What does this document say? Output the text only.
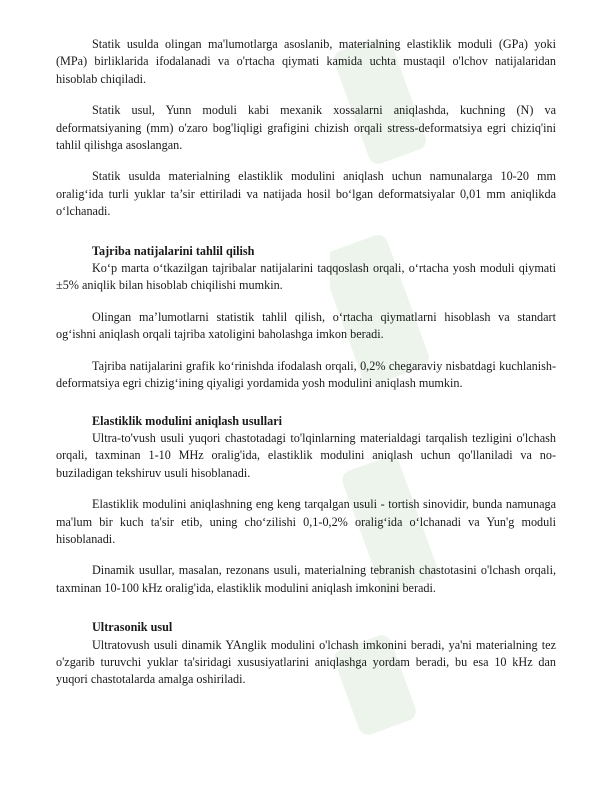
Statik usulda olingan ma'lumotlarga asoslanib, materialning elastiklik moduli (GPa) yoki (MPa) birliklarida ifodalanadi va o'rtacha qiymati kamida uchta mustaqil o'lchov natijalaridan hisoblab chiqiladi.

Statik usul, Yunn moduli kabi mexanik xossalarni aniqlashda, kuchning (N) va deformatsiyaning (mm) o'zaro bog'liqligi grafigini chizish orqali stress-deformatsiya egri chiziq'ini tahlil qilishga asoslangan.

Statik usulda materialning elastiklik modulini aniqlash uchun namunalarga 10-20 mm oralig‘ida turli yuklar ta’sir ettiriladi va natijada hosil bo‘lgan deformatsiyalar 0,01 mm aniqlikda o‘lchanadi.

Tajriba natijalarini tahlil qilish

Ko‘p marta o‘tkazilgan tajribalar natijalarini taqqoslash orqali, o‘rtacha yosh moduli qiymati ±5% aniqlik bilan hisoblab chiqilishi mumkin.

Olingan ma’lumotlarni statistik tahlil qilish, o‘rtacha qiymatlarni hisoblash va standart og‘ishni aniqlash orqali tajriba xatoligini baholashga imkon beradi.

Tajriba natijalarini grafik ko‘rinishda ifodalash orqali, 0,2% chegaraviy nisbatdagi kuchlanish-deformatsiya egri chizig‘ining qiyaligi yordamida yosh modulini aniqlash mumkin.

Elastiklik modulini aniqlash usullari

Ultra-to'vush usuli yuqori chastotadagi to'lqinlarning materialdagi tarqalish tezligini o'lchash orqali, taxminan 1-10 MHz oralig'ida, elastiklik modulini aniqlash uchun qo'llaniladi va no-buziladigan tekshiruv usuli hisoblanadi.

Elastiklik modulini aniqlashning eng keng tarqalgan usuli - tortish sinovidir, bunda namunaga ma'lum bir kuch ta'sir etib, uning cho‘zilishi 0,1-0,2% oralig‘ida o‘lchanadi va Yun'g moduli hisoblanadi.

Dinamik usullar, masalan, rezonans usuli, materialning tebranish chastotasini o'lchash orqali, taxminan 10-100 kHz oralig'ida, elastiklik modulini aniqlash imkonini beradi.

Ultrasonik usul

Ultratovush usuli dinamik YAnglik modulini o'lchash imkonini beradi, ya'ni materialning tez o'zgarib turuvchi yuklar ta'siridagi xususiyatlarini aniqlashga yordam beradi, bu esa 10 kHz dan yuqori chastotalarda amalga oshiriladi.
